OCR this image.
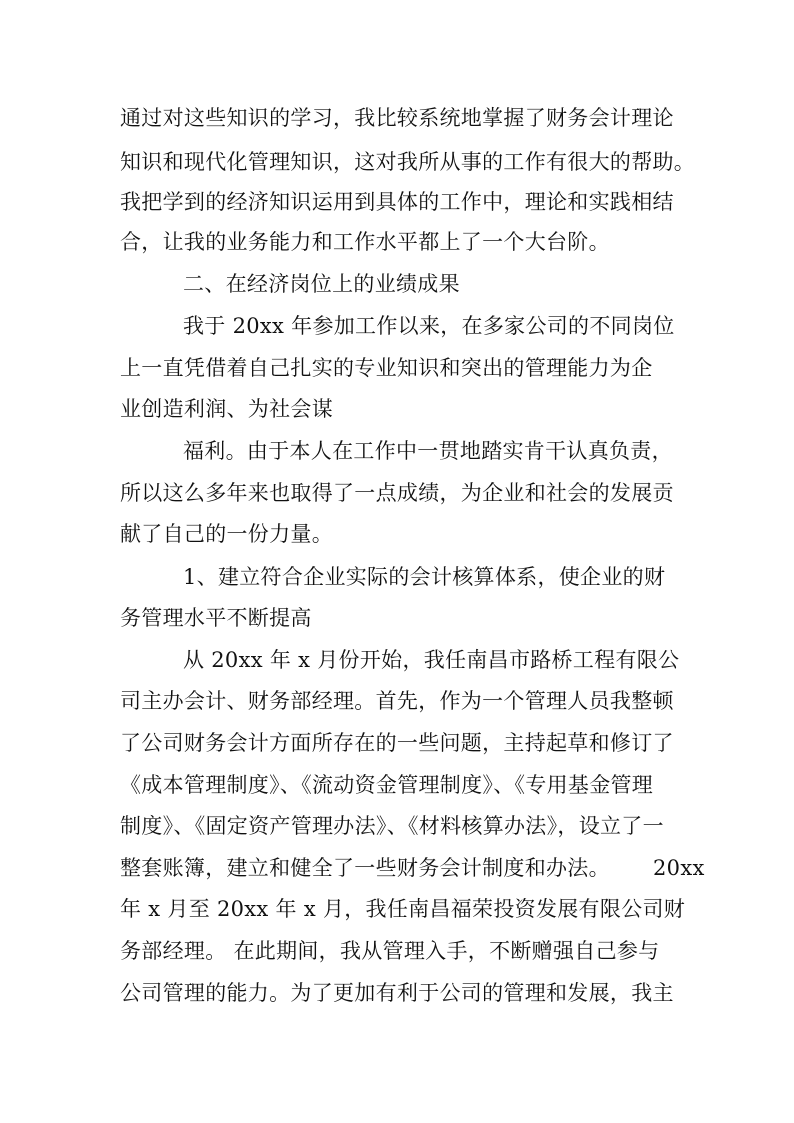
通过对这些知识的学习，我比较系统地掌握了财务会计理论
知识和现代化管理知识，这对我所从事的工作有很大的帮助。
我把学到的经济知识运用到具体的工作中，理论和实践相结
合，让我的业务能力和工作水平都上了一个大台阶。
二、在经济岗位上的业绩成果
我于 20xx 年参加工作以来，在多家公司的不同岗位
上一直凭借着自己扎实的专业知识和突出的管理能力为企
业创造利润、为社会谋
福利。由于本人在工作中一贯地踏实肯干认真负责，
所以这么多年来也取得了一点成绩，为企业和社会的发展贡
献了自己的一份力量。
1、建立符合企业实际的会计核算体系，使企业的财
务管理水平不断提高
从 20xx 年 x 月份开始，我任南昌市路桥工程有限公
司主办会计、财务部经理。首先，作为一个管理人员我整顿
了公司财务会计方面所存在的一些问题，主持起草和修订了
《成本管理制度》、《流动资金管理制度》、《专用基金管理
制度》、《固定资产管理办法》、《材料核算办法》，设立了一
整套账簿，建立和健全了一些财务会计制度和办法。 20xx
年 x 月至 20xx 年 x 月，我任南昌福荣投资发展有限公司财
务部经理。 在此期间，我从管理入手，不断赠强自己参与
公司管理的能力。为了更加有利于公司的管理和发展，我主
